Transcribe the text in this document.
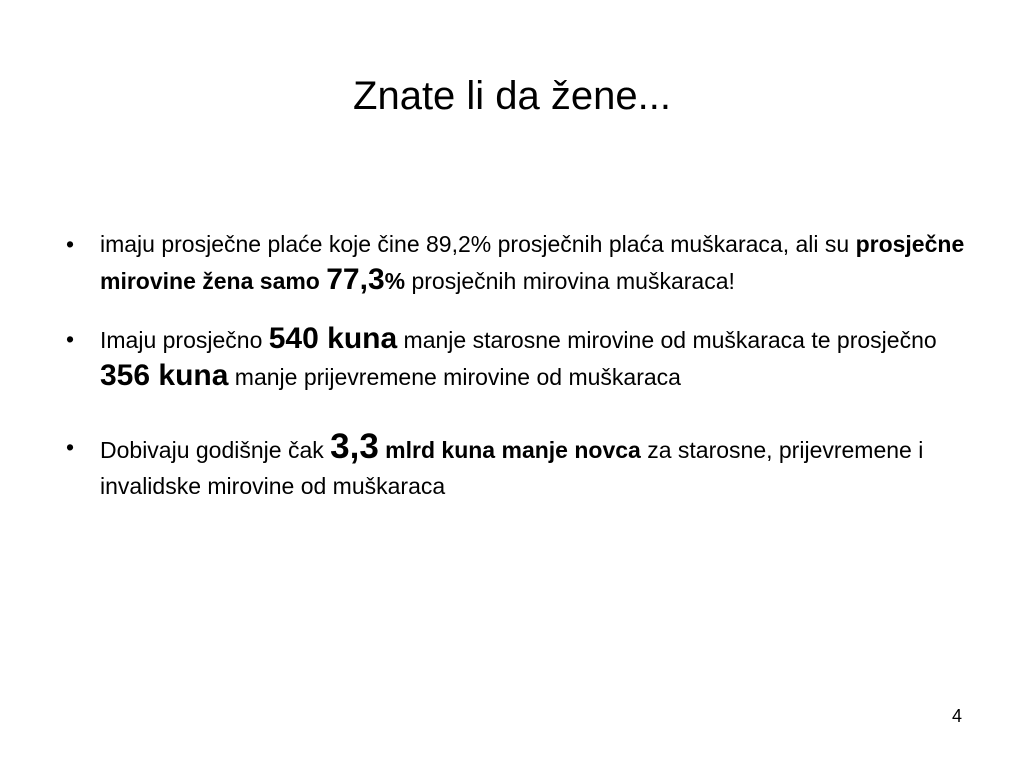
Znate li da žene...
• imaju prosječne plaće koje čine 89,2% prosječnih plaća muškaraca, ali su prosječne mirovine žena samo 77,3% prosječnih mirovina muškaraca!
• Imaju prosječno 540 kuna manje starosne mirovine od muškaraca te prosječno 356 kuna manje prijevremene mirovine od muškaraca
• Dobivaju godišnje čak 3,3 mlrd kuna manje novca za starosne, prijevremene i invalidske mirovine od muškaraca
4
